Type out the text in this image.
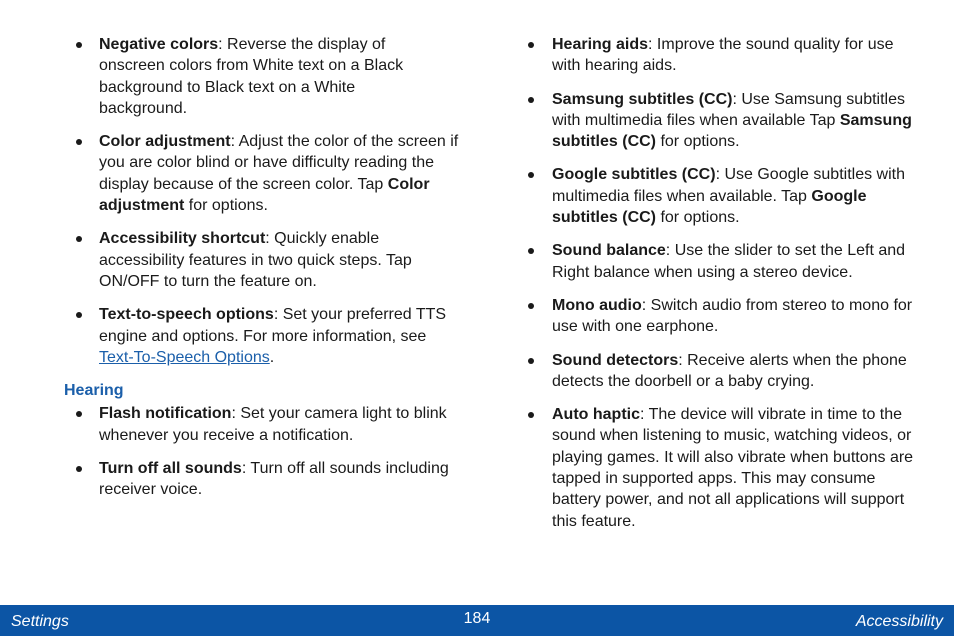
Negative colors: Reverse the display of onscreen colors from White text on a Black background to Black text on a White background.
Color adjustment: Adjust the color of the screen if you are color blind or have difficulty reading the display because of the screen color. Tap Color adjustment for options.
Accessibility shortcut: Quickly enable accessibility features in two quick steps. Tap ON/OFF to turn the feature on.
Text-to-speech options: Set your preferred TTS engine and options. For more information, see Text-To-Speech Options.
Hearing
Flash notification: Set your camera light to blink whenever you receive a notification.
Turn off all sounds: Turn off all sounds including receiver voice.
Hearing aids: Improve the sound quality for use with hearing aids.
Samsung subtitles (CC): Use Samsung subtitles with multimedia files when available Tap Samsung subtitles (CC) for options.
Google subtitles (CC): Use Google subtitles with multimedia files when available. Tap Google subtitles (CC) for options.
Sound balance: Use the slider to set the Left and Right balance when using a stereo device.
Mono audio: Switch audio from stereo to mono for use with one earphone.
Sound detectors: Receive alerts when the phone detects the doorbell or a baby crying.
Auto haptic: The device will vibrate in time to the sound when listening to music, watching videos, or playing games. It will also vibrate when buttons are tapped in supported apps. This may consume battery power, and not all applications will support this feature.
Settings	184	Accessibility
